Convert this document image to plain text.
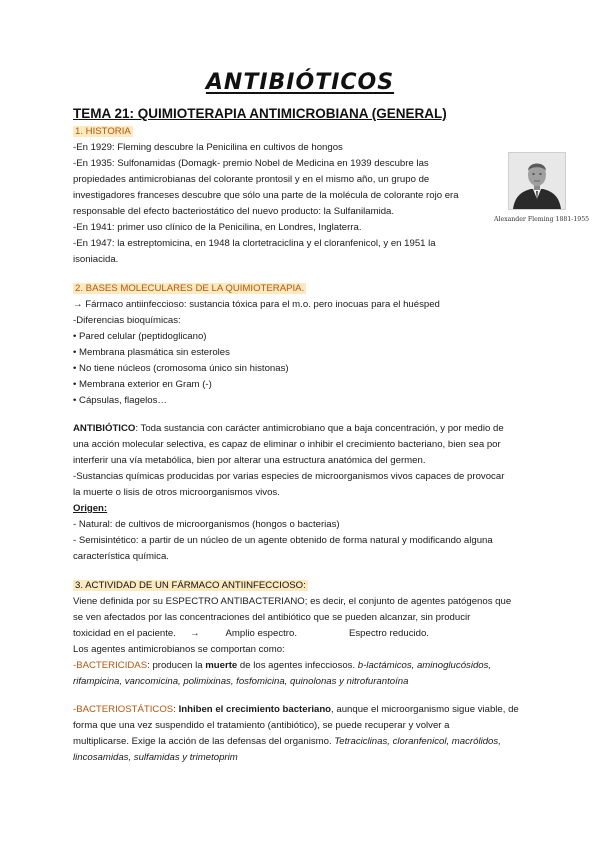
ANTIBIÓTICOS
TEMA 21: QUIMIOTERAPIA ANTIMICROBIANA (GENERAL)
1. HISTORIA
-En 1929: Fleming descubre la Penicilina en cultivos de hongos
-En 1935: Sulfonamidas (Domagk- premio Nobel de Medicina en 1939 descubre las
propiedades antimicrobianas del colorante prontosil y en el mismo año, un grupo de
investigadores franceses descubre que sólo una parte de la molécula de colorante rojo era
responsable del efecto bacteriostático del nuevo producto: la Sulfanilamida.
-En 1941: primer uso clínico de la Penicilina, en Londres, Inglaterra.
-En 1947: la estreptomicina, en 1948 la clortetraciclina y el cloranfenicol, y en 1951 la
isoniacida.
Alexander Fleming 1881-1955
2. BASES MOLECULARES DE LA QUIMIOTERAPIA.
→ Fármaco antiinfeccioso: sustancia tóxica para el m.o. pero inocuas para el huésped
-Diferencias bioquímicas:
• Pared celular (peptidoglicano)
• Membrana plasmática sin esteroles
• No tiene núcleos (cromosoma único sin histonas)
• Membrana exterior en Gram (-)
• Cápsulas, flagelos…
ANTIBIÓTICO: Toda sustancia con carácter antimicrobiano que a baja concentración, y por medio de
una acción molecular selectiva, es capaz de eliminar o inhibir el crecimiento bacteriano, bien sea por
interferir una vía metabólica, bien por alterar una estructura anatómica del germen.
-Sustancias químicas producidas por varias especies de microorganismos vivos capaces de provocar
la muerte o lisis de otros microorganismos vivos.
Origen:
- Natural: de cultivos de microorganismos (hongos o bacterias)
- Semisintético: a partir de un núcleo de un agente obtenido de forma natural y modificando alguna
característica química.
3. ACTIVIDAD DE UN FÁRMACO ANTIINFECCIOSO:
Viene definida por su ESPECTRO ANTIBACTERIANO; es decir, el conjunto de agentes patógenos que
se ven afectados por las concentraciones del antibiótico que se pueden alcanzar, sin producir
toxicidad en el paciente. →	Amplio espectro.	Espectro reducido.
Los agentes antimicrobianos se comportan como:
-BACTERICIDAS: producen la muerte de los agentes infecciosos. b-lactámicos, aminoglucósidos,
rifampicina, vancomicina, polimixinas, fosfomicina, quinolonas y nitrofurantoína
-BACTERIOSTÁTICOS: Inhiben el crecimiento bacteriano, aunque el microorganismo sigue viable, de
forma que una vez suspendido el tratamiento (antibiótico), se puede recuperar y volver a
multiplicarse. Exige la acción de las defensas del organismo. Tetraciclinas, cloranfenicol, macrólidos,
lincosamidas, sulfamidas y trimetoprim
